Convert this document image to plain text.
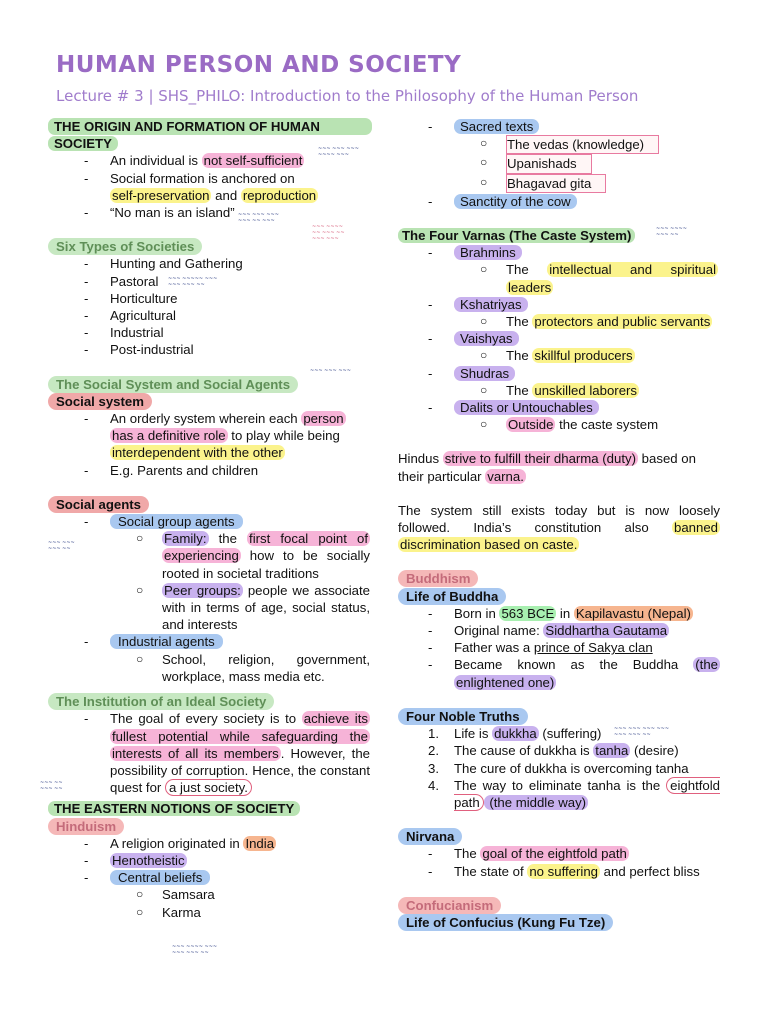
HUMAN PERSON AND SOCIETY
Lecture # 3 | SHS_PHILO: Introduction to the Philosophy of the Human Person
THE ORIGIN AND FORMATION OF HUMAN
SOCIETY
- An individual is not self-sufficient
- Social formation is anchored on
self-preservation and reproduction
- “No man is an island”
Six Types of Societies
- Hunting and Gathering
- Pastoral
- Horticulture
- Agricultural
- Industrial
- Post-industrial
The Social System and Social Agents
Social system
- An orderly system wherein each person
has a definitive role to play while being
interdependent with the other
- E.g. Parents and children
Social agents
- Social group agents
○ Family: the first focal point of experiencing how to be socially rooted in societal traditions
○ Peer groups: people we associate with in terms of age, social status, and interests
- Industrial agents
○ School, religion, government, workplace, mass media etc.
The Institution of an Ideal Society
- The goal of every society is to achieve its fullest potential while safeguarding the interests of all its members . However, the possibility of corruption. Hence, the constant quest for a just society.
THE EASTERN NOTIONS OF SOCIETY
Hinduism
- A religion originated in India
- Henotheistic
- Central beliefs
○ Samsara
○ Karma
- Sacred texts
○ The vedas (knowledge)
○ Upanishads
○ Bhagavad gita
- Sanctity of the cow
The Four Varnas (The Caste System)
- Brahmins
○ The intellectual and spiritual leaders
- Kshatriyas
○ The protectors and public servants
- Vaishyas
○ The skillful producers
- Shudras
○ The unskilled laborers
- Dalits or Untouchables
○ Outside the caste system
Hindus strive to fulfill their dharma (duty) based on their particular varna.
The system still exists today but is now loosely followed. India’s constitution also banned discrimination based on caste.
Buddhism
Life of Buddha
- Born in 563 BCE in Kapilavastu (Nepal)
- Original name: Siddhartha Gautama
- Father was a prince of Sakya clan
- Became known as the Buddha (the enlightened one)
Four Noble Truths
Life is dukkha (suffering)
The cause of dukkha is tanha (desire)
The cure of dukkha is overcoming tanha
The way to eliminate tanha is the eightfold path (the middle way)
Nirvana
- The goal of the eightfold path
- The state of no suffering and perfect bliss
Confucianism
Life of Confucius (Kung Fu Tze)
~~~ ~~~ ~~~
~~~~ ~~~
~~~ ~~~ ~~~
~~~ ~~ ~~~
~~~ ~~~~
~~ ~~~ ~~
~~~ ~~~
~~~ ~~~~~ ~~~
~~~ ~~~ ~~
~~~ ~~~ ~~~
~~~ ~~~
~~~ ~~
~~~ ~~
~~~ ~~
~~~ ~~~~
~~~ ~~
~~~ ~~~ ~~~ ~~~
~~~ ~~~ ~~
~~~ ~~~~ ~~~
~~~ ~~~ ~~
